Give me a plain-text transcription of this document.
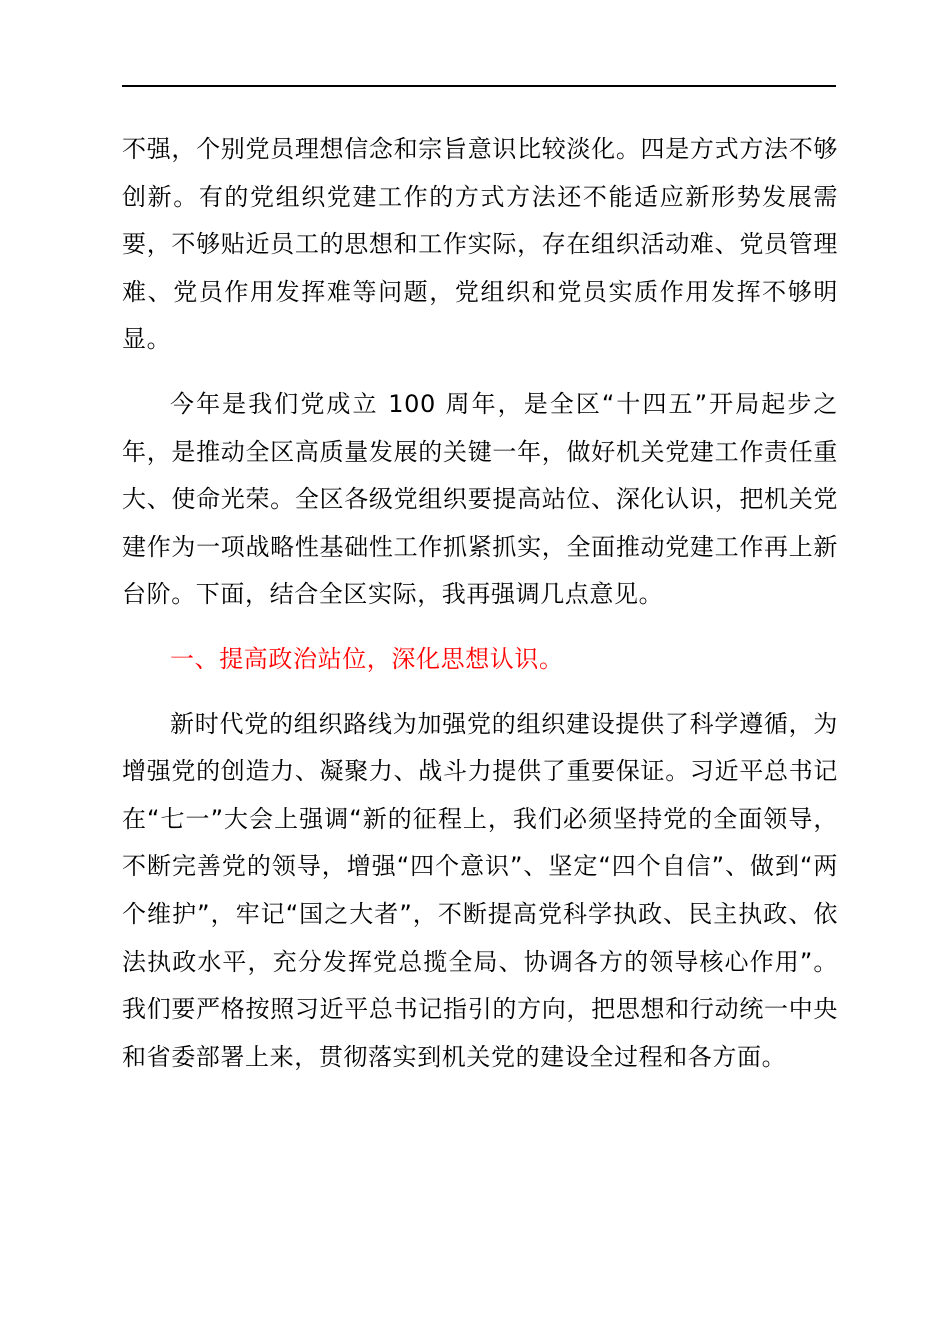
不强，个别党员理想信念和宗旨意识比较淡化。四是方式方法不够创新。有的党组织党建工作的方式方法还不能适应新形势发展需要，不够贴近员工的思想和工作实际，存在组织活动难、党员管理难、党员作用发挥难等问题，党组织和党员实质作用发挥不够明显。

今年是我们党成立 100 周年，是全区“十四五”开局起步之年，是推动全区高质量发展的关键一年，做好机关党建工作责任重大、使命光荣。全区各级党组织要提高站位、深化认识，把机关党建作为一项战略性基础性工作抓紧抓实，全面推动党建工作再上新台阶。下面，结合全区实际，我再强调几点意见。

一、提高政治站位，深化思想认识。

新时代党的组织路线为加强党的组织建设提供了科学遵循，为增强党的创造力、凝聚力、战斗力提供了重要保证。习近平总书记在“七一”大会上强调“新的征程上，我们必须坚持党的全面领导，不断完善党的领导，增强“四个意识”、坚定“四个自信”、做到“两个维护”，牢记“国之大者”，不断提高党科学执政、民主执政、依法执政水平，充分发挥党总揽全局、协调各方的领导核心作用”。我们要严格按照习近平总书记指引的方向，把思想和行动统一中央和省委部署上来，贯彻落实到机关党的建设全过程和各方面。
